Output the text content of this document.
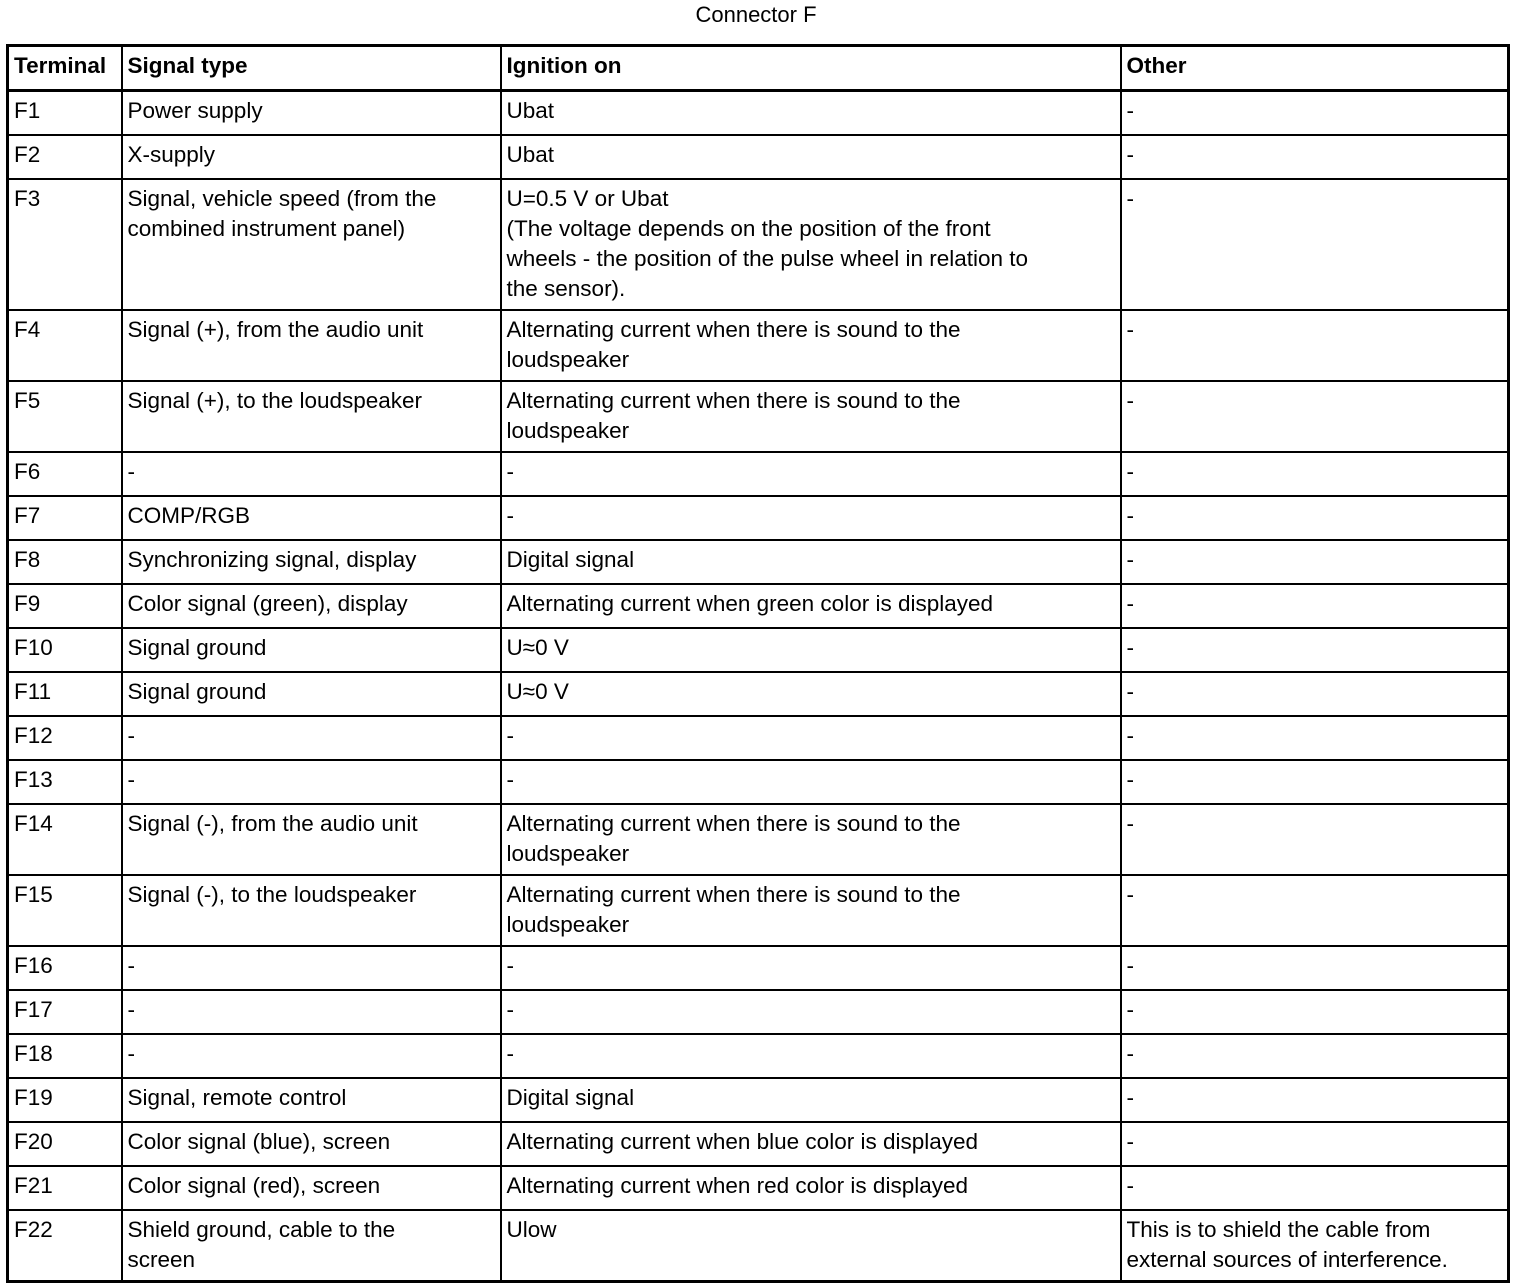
Connector F
Terminal	Signal type	Ignition on	Other
F1	Power supply	Ubat	-
F2	X-supply	Ubat	-
F3	Signal, vehicle speed (from the
combined instrument panel)	U=0.5 V or Ubat
(The voltage depends on the position of the front
wheels - the position of the pulse wheel in relation to
the sensor).	-
F4	Signal (+), from the audio unit	Alternating current when there is sound to the
loudspeaker	-
F5	Signal (+), to the loudspeaker	Alternating current when there is sound to the
loudspeaker	-
F6	-	-	-
F7	COMP/RGB	-	-
F8	Synchronizing signal, display	Digital signal	-
F9	Color signal (green), display	Alternating current when green color is displayed	-
F10	Signal ground	U≈0 V	-
F11	Signal ground	U≈0 V	-
F12	-	-	-
F13	-	-	-
F14	Signal (-), from the audio unit	Alternating current when there is sound to the
loudspeaker	-
F15	Signal (-), to the loudspeaker	Alternating current when there is sound to the
loudspeaker	-
F16	-	-	-
F17	-	-	-
F18	-	-	-
F19	Signal, remote control	Digital signal	-
F20	Color signal (blue), screen	Alternating current when blue color is displayed	-
F21	Color signal (red), screen	Alternating current when red color is displayed	-
F22	Shield ground, cable to the
screen	Ulow	This is to shield the cable from
external sources of interference.
